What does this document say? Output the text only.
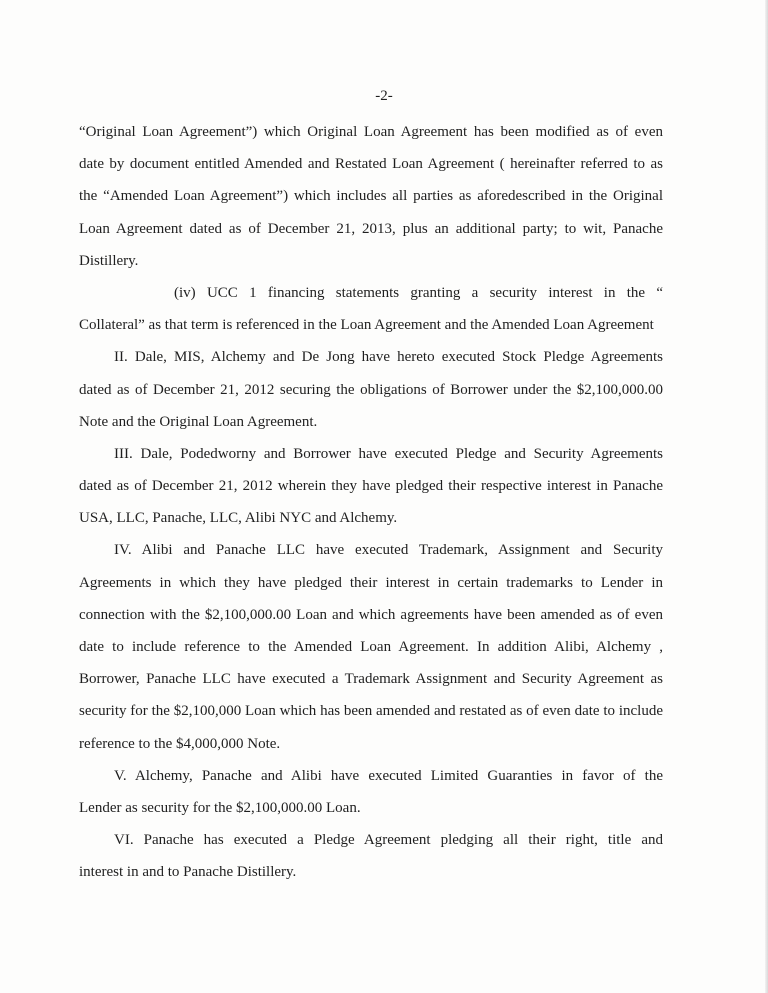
-2-
“Original Loan Agreement”) which Original Loan Agreement has been modified as of even
date by document entitled Amended and Restated Loan Agreement ( hereinafter referred to as
the “Amended Loan Agreement”) which includes all parties as aforedescribed in the Original
Loan Agreement dated as of December 21, 2013, plus an additional party; to wit, Panache
Distillery.
(iv) UCC 1 financing statements granting a security interest in the “
Collateral” as that term is referenced in the Loan Agreement and the Amended Loan Agreement
II. Dale, MIS, Alchemy and De Jong have hereto executed Stock Pledge Agreements
dated as of December 21, 2012 securing the obligations of Borrower under the $2,100,000.00
Note and the Original Loan Agreement.
III. Dale, Podedworny and Borrower have executed Pledge and Security Agreements
dated as of December 21, 2012 wherein they have pledged their respective interest in Panache
USA, LLC, Panache, LLC, Alibi NYC and Alchemy.
IV. Alibi and Panache LLC have executed Trademark, Assignment and Security
Agreements in which they have pledged their interest in certain trademarks to Lender in
connection with the $2,100,000.00 Loan and which agreements have been amended as of even
date to include reference to the Amended Loan Agreement. In addition Alibi, Alchemy ,
Borrower, Panache LLC have executed a Trademark Assignment and Security Agreement as
security for the $2,100,000 Loan which has been amended and restated as of even date to include
reference to the $4,000,000 Note.
V. Alchemy, Panache and Alibi have executed Limited Guaranties in favor of the
Lender as security for the $2,100,000.00 Loan.
VI. Panache has executed a Pledge Agreement pledging all their right, title and
interest in and to Panache Distillery.
